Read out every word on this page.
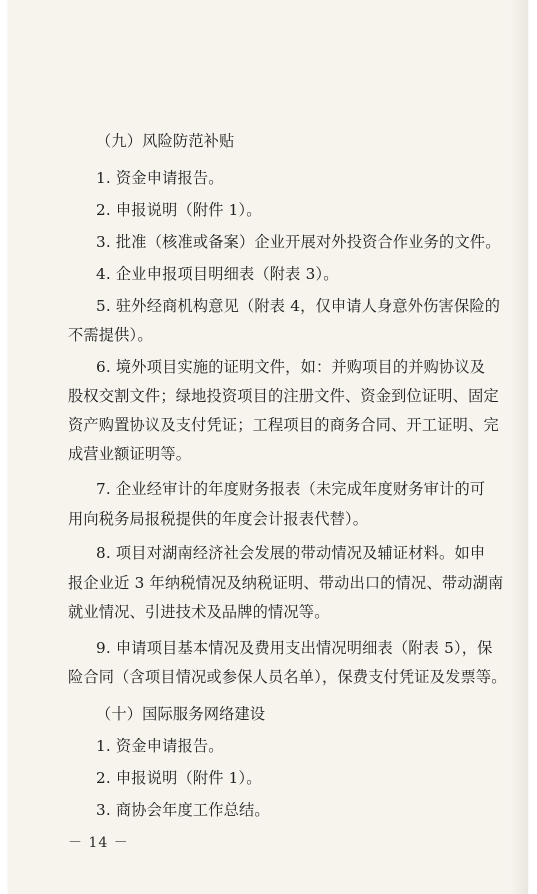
（九）风险防范补贴
1. 资金申请报告。
2. 申报说明（附件 1）。
3. 批准（核准或备案）企业开展对外投资合作业务的文件。
4. 企业申报项目明细表（附表 3）。
5. 驻外经商机构意见（附表 4，仅申请人身意外伤害保险的
不需提供）。
6. 境外项目实施的证明文件，如：并购项目的并购协议及
股权交割文件；绿地投资项目的注册文件、资金到位证明、固定
资产购置协议及支付凭证；工程项目的商务合同、开工证明、完
成营业额证明等。
7. 企业经审计的年度财务报表（未完成年度财务审计的可
用向税务局报税提供的年度会计报表代替）。
8. 项目对湖南经济社会发展的带动情况及辅证材料。如申
报企业近 3 年纳税情况及纳税证明、带动出口的情况、带动湖南
就业情况、引进技术及品牌的情况等。
9. 申请项目基本情况及费用支出情况明细表（附表 5），保
险合同（含项目情况或参保人员名单），保费支付凭证及发票等。
（十）国际服务网络建设
1. 资金申请报告。
2. 申报说明（附件 1）。
3. 商协会年度工作总结。
－ 14 －
